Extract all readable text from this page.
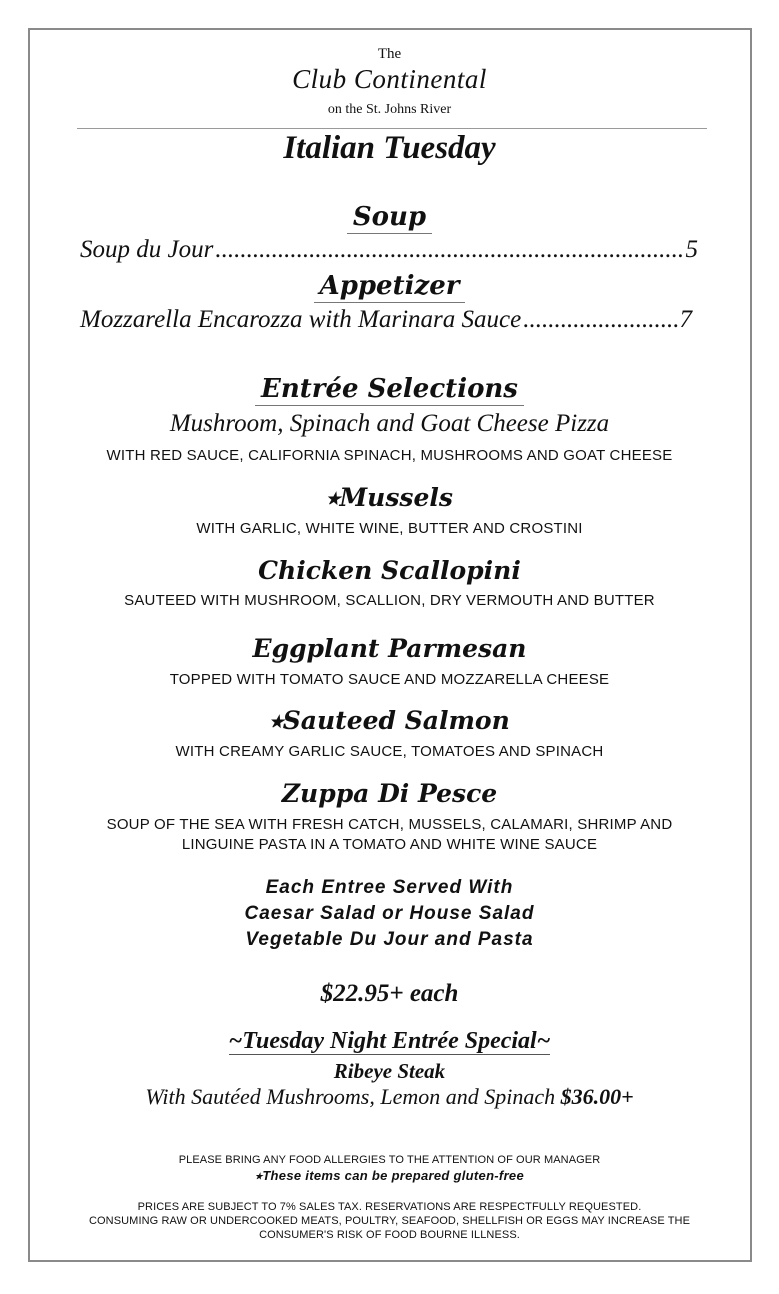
The
Club Continental
on the St. Johns River
Italian Tuesday
Soup
Soup du Jour .....	5
Appetizer
Mozzarella Encarozza with Marinara Sauce .....	7
Entrée Selections
Mushroom, Spinach and Goat Cheese Pizza
WITH RED SAUCE, CALIFORNIA SPINACH, MUSHROOMS AND GOAT CHEESE
⭑Mussels
WITH GARLIC, WHITE WINE, BUTTER AND CROSTINI
Chicken Scallopini
SAUTEED WITH MUSHROOM, SCALLION, DRY VERMOUTH AND BUTTER
Eggplant Parmesan
TOPPED WITH TOMATO SAUCE AND MOZZARELLA CHEESE
⭑Sauteed Salmon
WITH CREAMY GARLIC SAUCE, TOMATOES AND SPINACH
Zuppa Di Pesce
SOUP OF THE SEA WITH FRESH CATCH, MUSSELS, CALAMARI, SHRIMP AND
LINGUINE PASTA IN A TOMATO AND WHITE WINE SAUCE
Each Entree Served With
Caesar Salad or House Salad
Vegetable Du Jour and Pasta
$22.95+ each
~Tuesday Night Entrée Special~
Ribeye Steak
With Sautéed Mushrooms, Lemon and Spinach $36.00+
PLEASE BRING ANY FOOD ALLERGIES TO THE ATTENTION OF OUR MANAGER
⭑These items can be prepared gluten-free
PRICES ARE SUBJECT TO 7% SALES TAX. RESERVATIONS ARE RESPECTFULLY REQUESTED.
CONSUMING RAW OR UNDERCOOKED MEATS, POULTRY, SEAFOOD, SHELLFISH OR EGGS MAY INCREASE THE
CONSUMER'S RISK OF FOOD BOURNE ILLNESS.
